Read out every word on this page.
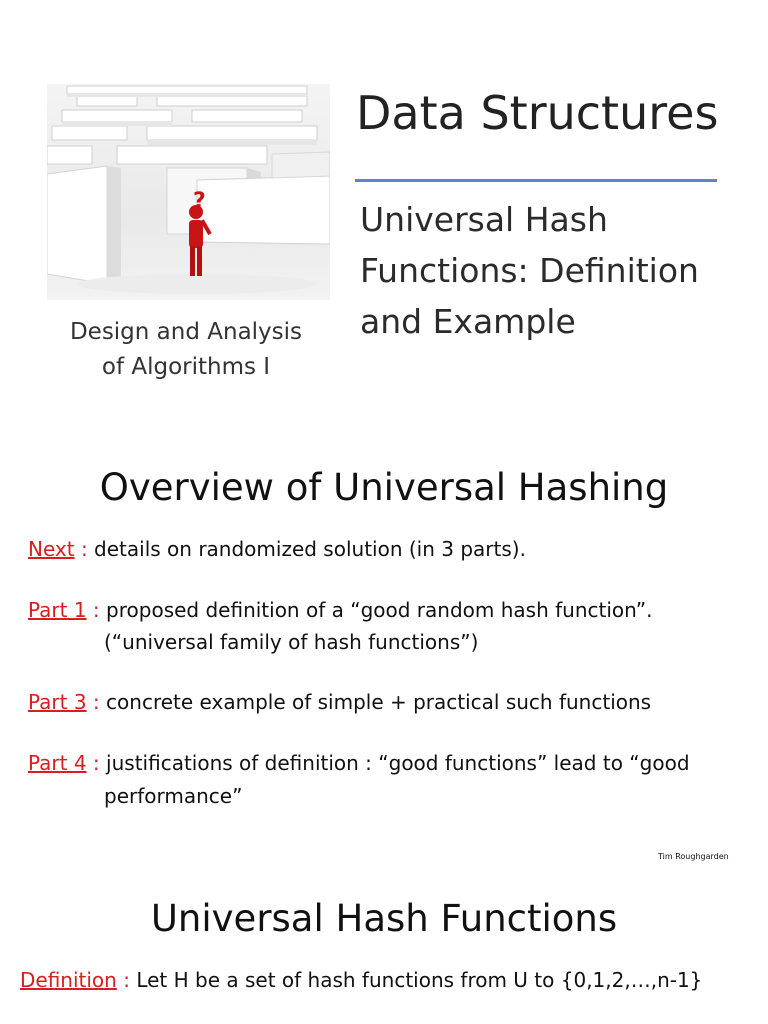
?
Design and Analysis
of Algorithms I
Data Structures
Universal Hash
Functions: Definition
and Example
Overview of Universal Hashing
Next : details on randomized solution (in 3 parts).
Part 1 : proposed definition of a “good random hash function”.
(“universal family of hash functions”)
Part 3 : concrete example of simple + practical such functions
Part 4 : justifications of definition : “good functions” lead to “good
performance”
Tim Roughgarden
Universal Hash Functions
Definition : Let H be a set of hash functions from U to {0,1,2,…,n-1}
